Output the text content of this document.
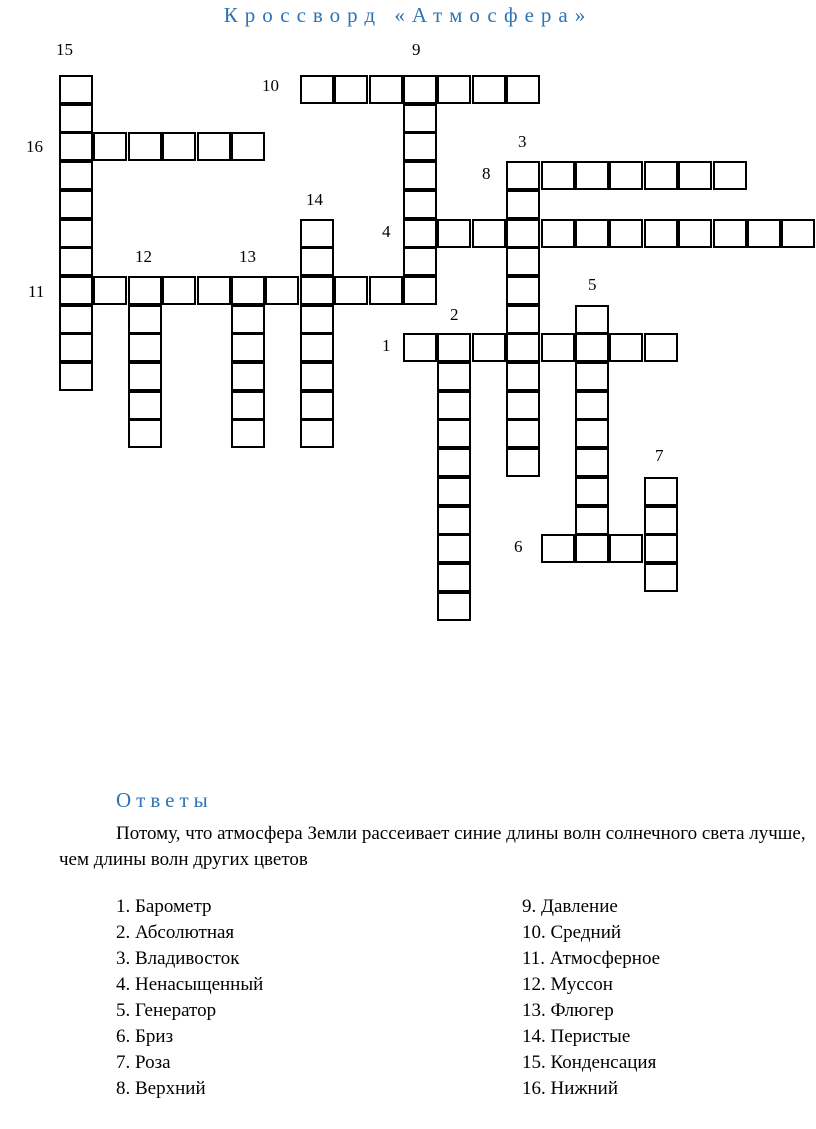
Кроссворд «Атмосфера»
15	9
10
16	3
8
14
4
12	13
11	5
2
1
7
6
Ответы

Потому, что атмосфера Земли рассеивает синие длины волн солнечного света лучше, чем длины волн других цветов

1. Барометр
2. Абсолютная
3. Владивосток
4. Ненасыщенный
5. Генератор
6. Бриз
7. Роза
8. Верхний
9. Давление
10. Средний
11. Атмосферное
12. Муссон
13. Флюгер
14. Перистые
15. Конденсация
16. Нижний
